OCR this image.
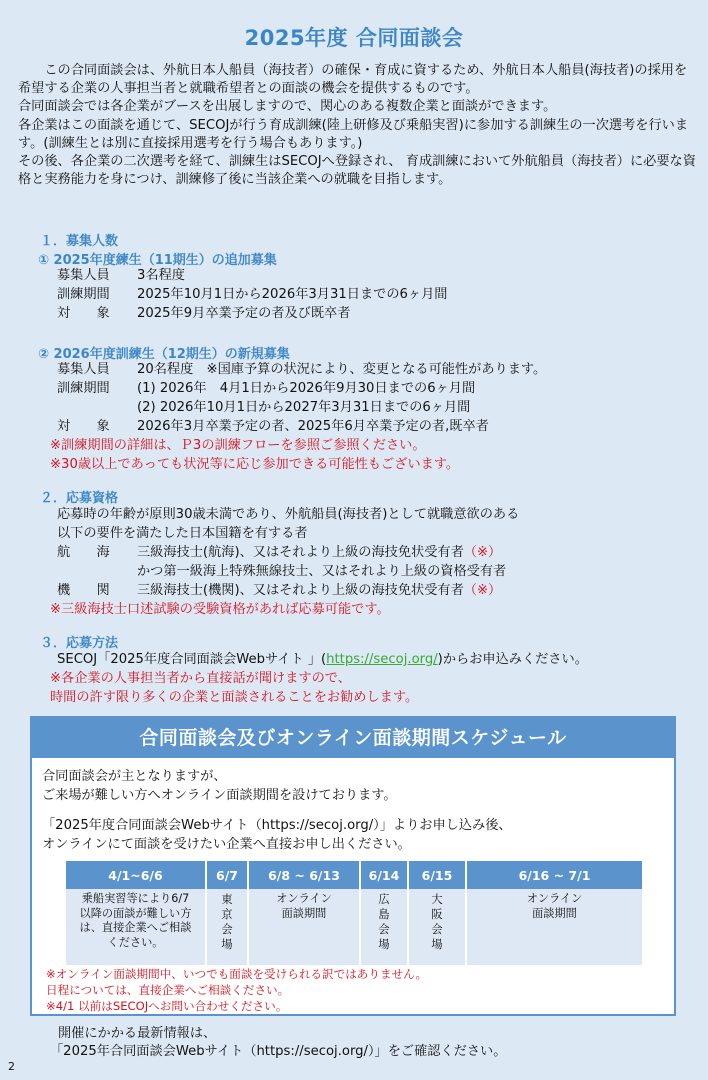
2025年度 合同面談会

　　この合同面談会は、外航日本人船員（海技者）の確保・育成に資するため、外航日本人船員(海技者)の採用を希望する企業の人事担当者と就職希望者との面談の機会を提供するものです。

合同面談会では各企業がブースを出展しますので、関心のある複数企業と面談ができます。

各企業はこの面談を通じて、SECOJが行う育成訓練(陸上研修及び乗船実習)に参加する訓練生の一次選考を行います。(訓練生とは別に直接採用選考を行う場合もあります。)

その後、各企業の二次選考を経て、訓練生はSECOJへ登録され、 育成訓練において外航船員（海技者）に必要な資格と実務能力を身につけ、訓練修了後に当該企業への就職を目指します。

１．募集人数
① 2025年度練生（11期生）の追加募集
募集人員 3名程度
訓練期間 2025年10月1日から2026年3月31日までの6ヶ月間
対　　象 2025年9月卒業予定の者及び既卒者
② 2026年度訓練生（12期生）の新規募集
募集人員 20名程度　※国庫予算の状況により、変更となる可能性があります。
訓練期間 (1) 2026年　4月1日から2026年9月30日までの6ヶ月間
(2) 2026年10月1日から2027年3月31日までの6ヶ月間
対　　象 2026年3月卒業予定の者、2025年6月卒業予定の者,既卒者
※訓練期間の詳細は、Ｐ3の訓練フローを参照ご参照ください。
※30歳以上であっても状況等に応じ参加できる可能性もございます。
２．応募資格
応募時の年齢が原則30歳未満であり、外航船員(海技者)として就職意欲のある
以下の要件を満たした日本国籍を有する者
航　　海 三級海技士(航海)、又はそれより上級の海技免状受有者（※）
かつ第一級海上特殊無線技士、又はそれより上級の資格受有者
機　　関 三級海技士(機関)、又はそれより上級の海技免状受有者（※）
※三級海技士口述試験の受験資格があれば応募可能です。
３．応募方法
SECOJ「2025年度合同面談会Webサイト 」(https://secoj.org/)からお申込みください。
※各企業の人事担当者から直接話が聞けますので、
時間の許す限り多くの企業と面談されることをお勧めします。
合同面談会及びオンライン面談期間スケジュール
合同面談会が主となりますが、
ご来場が難しい方へオンライン面談期間を設けております。
「2025年度合同面談会Webサイト（https://secoj.org/）」よりお申し込み後、
オンラインにて面談を受けたい企業へ直接お申し出ください。
4/1~6/6	6/7	6/8 ~ 6/13	6/14	6/15	6/16 ~ 7/1
乗船実習等により6/7以降の面談が難しい方は、直接企業へご相談ください。	東京会場	オンライン面談期間	広島会場	大阪会場	オンライン面談期間
※オンライン面談期間中、いつでも面談を受けられる訳ではありません。
日程については、直接企業へご相談ください。
※4/1 以前はSECOJへお問い合わせください。
開催にかかる最新情報は、
「2025年合同面談会Webサイト（https://secoj.org/）」をご確認ください。
2
